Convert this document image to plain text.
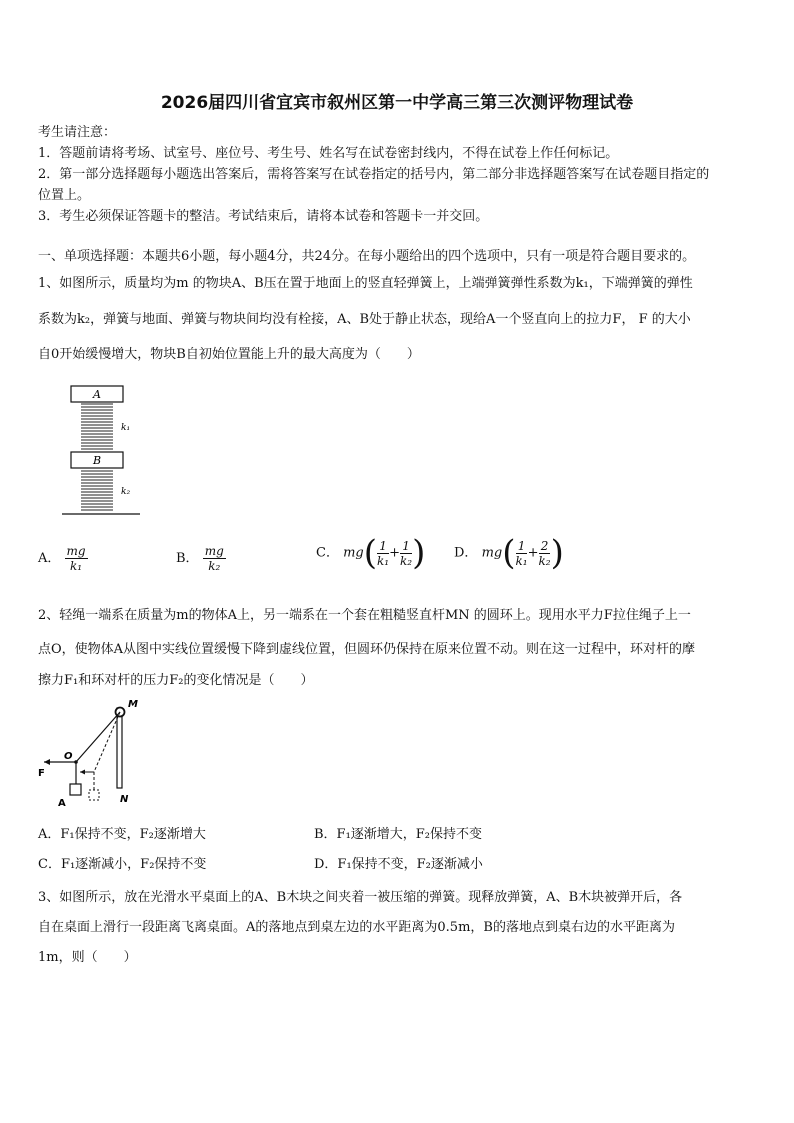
2026届四川省宜宾市叙州区第一中学高三第三次测评物理试卷
考生请注意：
1．答题前请将考场、试室号、座位号、考生号、姓名写在试卷密封线内，不得在试卷上作任何标记。
2．第一部分选择题每小题选出答案后，需将答案写在试卷指定的括号内，第二部分非选择题答案写在试卷题目指定的
位置上。
3．考生必须保证答题卡的整洁。考试结束后，请将本试卷和答题卡一并交回。
一、单项选择题：本题共6小题，每小题4分，共24分。在每小题给出的四个选项中，只有一项是符合题目要求的。
1、如图所示，质量均为m 的物块A、B压在置于地面上的竖直轻弹簧上，上端弹簧弹性系数为k₁，下端弹簧的弹性
系数为k₂，弹簧与地面、弹簧与物块间均没有栓接，A、B处于静止状态，现给A一个竖直向上的拉力F， F 的大小
自0开始缓慢增大，物块B自初始位置能上升的最大高度为（　　）
A
k₁
B
k₂
A． $\frac{mg}{\text{k₁}}$	B． $\frac{mg}{\text{k₂}}$	C． $mg( \frac{1}{\text{k₁}} + \frac{1}{\text{k₂}}$ ) D． $mg( \frac{1}{\text{k₁}} + \frac{2}{\text{k₂}}$ )
2、轻绳一端系在质量为m的物体A上，另一端系在一个套在粗糙竖直杆MN 的圆环上。现用水平力F拉住绳子上一
点O，使物体A从图中实线位置缓慢下降到虚线位置，但圆环仍保持在原来位置不动。则在这一过程中，环对杆的摩
擦力F₁和环对杆的压力F₂的变化情况是（　　）
M
N
F
O
A
A．F₁保持不变，F₂逐渐增大	B．F₁逐渐增大，F₂保持不变
C．F₁逐渐减小，F₂保持不变	D．F₁保持不变，F₂逐渐减小
3、如图所示，放在光滑水平桌面上的A、B木块之间夹着一被压缩的弹簧。现释放弹簧，A、B木块被弹开后，各
自在桌面上滑行一段距离飞离桌面。A的落地点到桌左边的水平距离为0.5m，B的落地点到桌右边的水平距离为
1m，则（　　）
